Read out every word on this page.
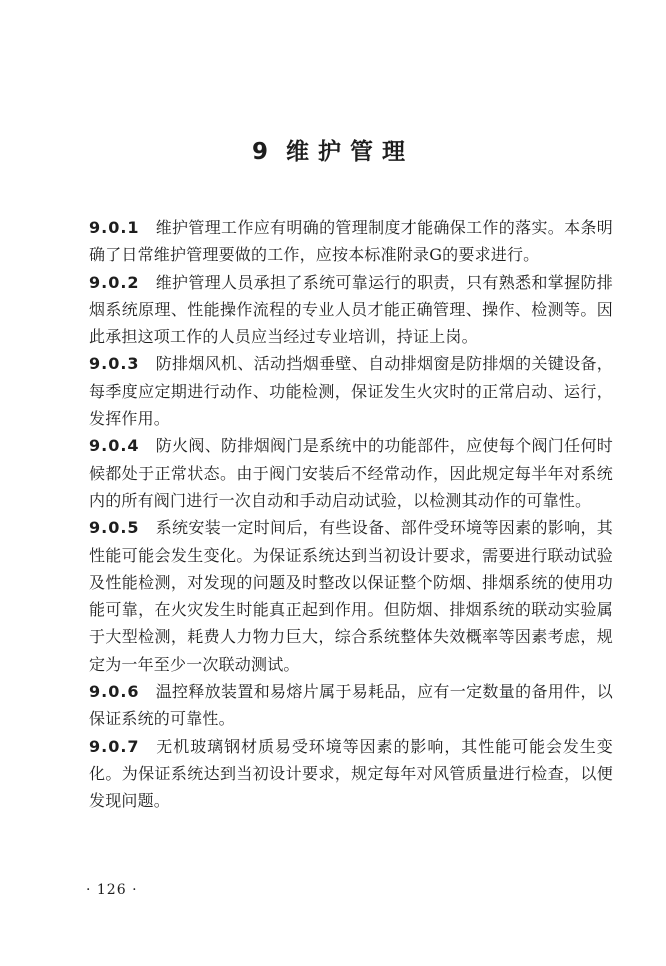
9 维护管理

9.0.1 维护管理工作应有明确的管理制度才能确保工作的落实。本条明确了日常维护管理要做的工作，应按本标准附录G的要求进行。

9.0.2 维护管理人员承担了系统可靠运行的职责，只有熟悉和掌握防排烟系统原理、性能操作流程的专业人员才能正确管理、操作、检测等。因此承担这项工作的人员应当经过专业培训，持证上岗。

9.0.3 防排烟风机、活动挡烟垂壁、自动排烟窗是防排烟的关键设备，每季度应定期进行动作、功能检测，保证发生火灾时的正常启动、运行，发挥作用。

9.0.4 防火阀、防排烟阀门是系统中的功能部件，应使每个阀门任何时候都处于正常状态。由于阀门安装后不经常动作，因此规定每半年对系统内的所有阀门进行一次自动和手动启动试验，以检测其动作的可靠性。

9.0.5 系统安装一定时间后，有些设备、部件受环境等因素的影响，其性能可能会发生变化。为保证系统达到当初设计要求，需要进行联动试验及性能检测，对发现的问题及时整改以保证整个防烟、排烟系统的使用功能可靠，在火灾发生时能真正起到作用。但防烟、排烟系统的联动实验属于大型检测，耗费人力物力巨大，综合系统整体失效概率等因素考虑，规定为一年至少一次联动测试。

9.0.6 温控释放装置和易熔片属于易耗品，应有一定数量的备用件，以保证系统的可靠性。

9.0.7 无机玻璃钢材质易受环境等因素的影响，其性能可能会发生变化。为保证系统达到当初设计要求，规定每年对风管质量进行检查，以便发现问题。

· 126 ·
